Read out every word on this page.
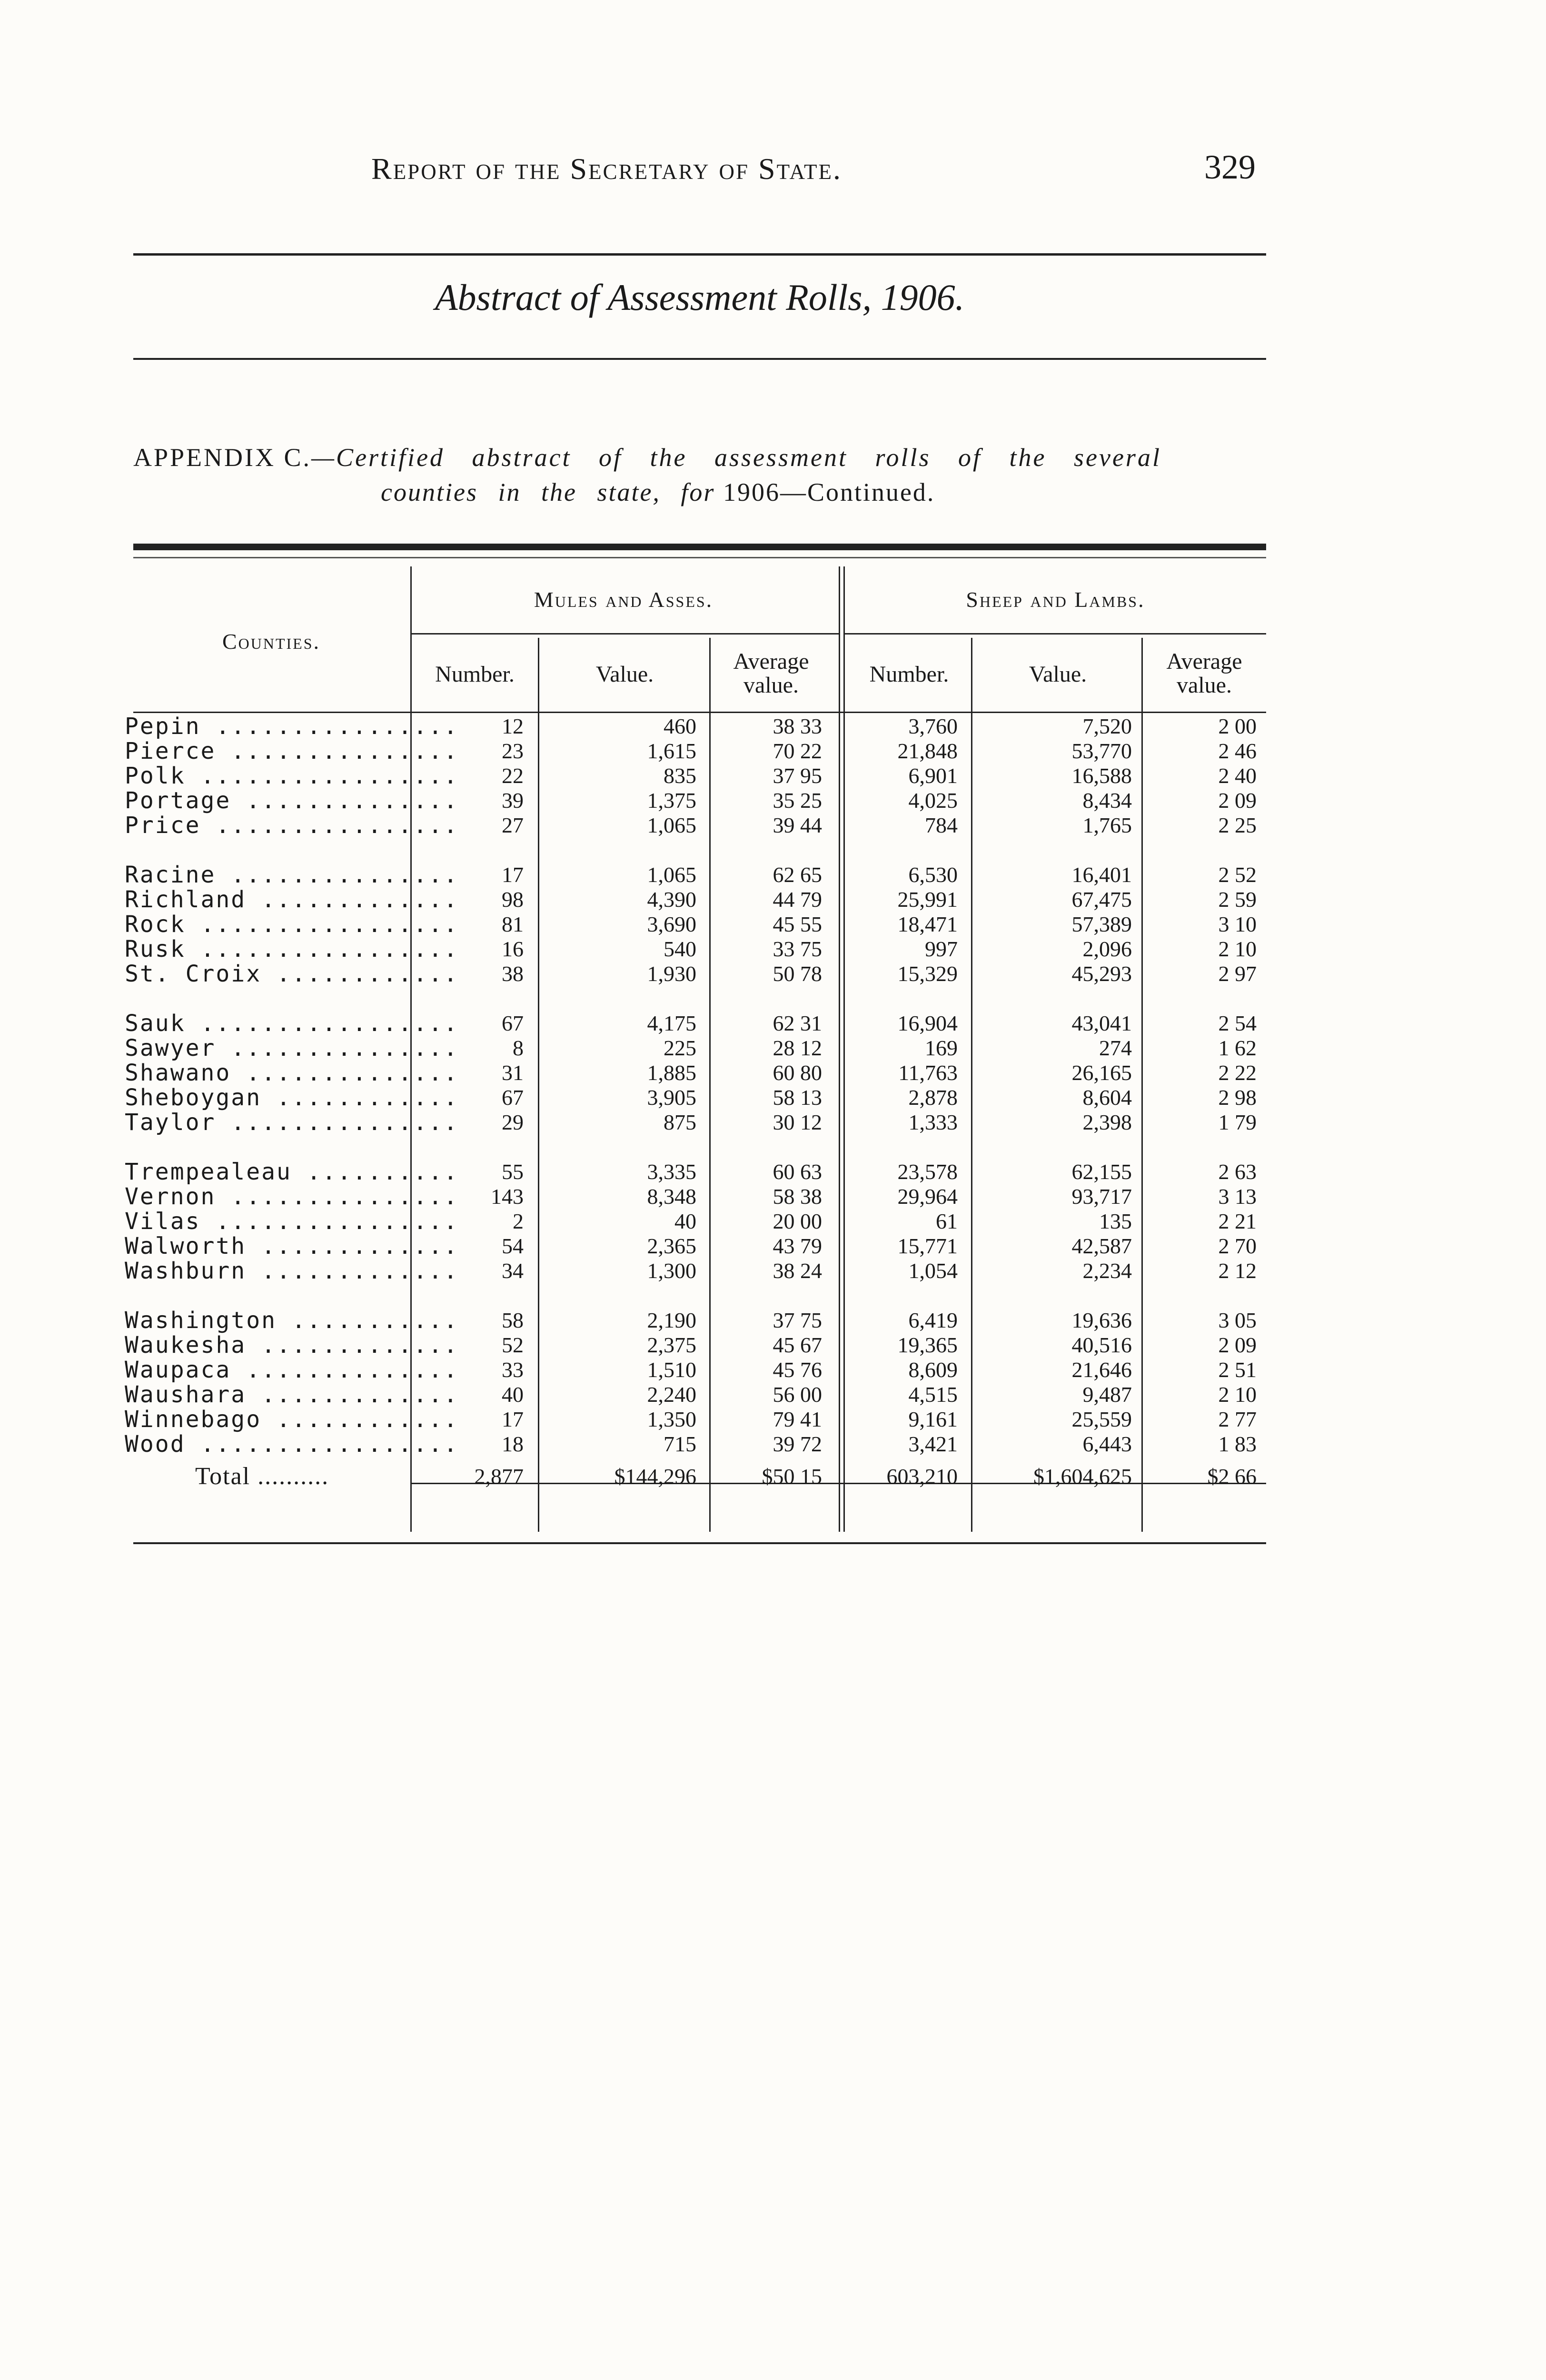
Report of the Secretary of State.	329
Abstract of Assessment Rolls, 1906.
APPENDIX C.—Certified abstract of the assessment rolls of the several
counties in the state, for 1906—Continued.
Counties.
Mules and Asses.	Sheep and Lambs.
Number.	Value.
Average
value.	Number.	Value.
Average
value.
Pepin ................ 12	460	38 33	3,760	7,520	2 00
Pierce ............... 23	1,615	70 22	21,848	53,770	2 46
Polk ................. 22	835	37 95	6,901	16,588	2 40
Portage .............. 39	1,375	35 25	4,025	8,434	2 09
Price ................ 27	1,065	39 44	784	1,765	2 25
Racine ............... 17	1,065	62 65	6,530	16,401	2 52
Richland ............. 98	4,390	44 79	25,991	67,475	2 59
Rock ................. 81	3,690	45 55	18,471	57,389	3 10
Rusk ................. 16	540	33 75	997	2,096	2 10
St. Croix ............ 38	1,930	50 78	15,329	45,293	2 97
Sauk ................. 67	4,175	62 31	16,904	43,041	2 54
Sawyer ............... 8	225	28 12	169	274	1 62
Shawano .............. 31	1,885	60 80	11,763	26,165	2 22
Sheboygan ............ 67	3,905	58 13	2,878	8,604	2 98
Taylor ............... 29	875	30 12	1,333	2,398	1 79
Trempealeau .......... 55	3,335	60 63	23,578	62,155	2 63
Vernon ............... 143	8,348	58 38	29,964	93,717	3 13
Vilas ................ 2	40	20 00	61	135	2 21
Walworth ............. 54	2,365	43 79	15,771	42,587	2 70
Washburn ............. 34	1,300	38 24	1,054	2,234	2 12
Washington ........... 58	2,190	37 75	6,419	19,636	3 05
Waukesha ............. 52	2,375	45 67	19,365	40,516	2 09
Waupaca .............. 33	1,510	45 76	8,609	21,646	2 51
Waushara ............. 40	2,240	56 00	4,515	9,487	2 10
Winnebago ............ 17	1,350	79 41	9,161	25,559	2 77
Wood ................. 18	715	39 72	3,421	6,443	1 83
Total ..........	2,877	$144,296	$50 15	603,210	$1,604,625	$2 66
